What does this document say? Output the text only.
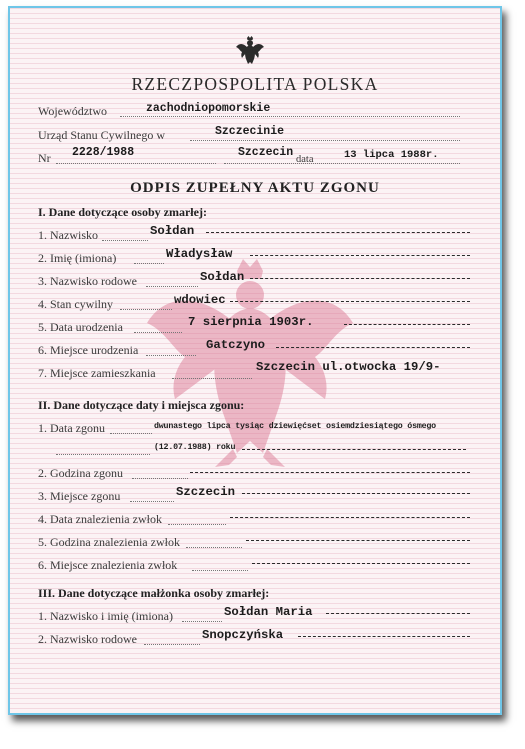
RZECZPOSPOLITA POLSKA
Województwo	zachodniopomorskie
Urząd Stanu Cywilnego w	Szczecinie
Nr 2228/1988	Szczecin
data	13 lipca 1988r.
ODPIS ZUPEŁNY AKTU ZGONU
I. Dane dotyczące osoby zmarłej:
1. Nazwisko	Sołdan
2. Imię (imiona)	Władysław
3. Nazwisko rodowe	Sołdan
4. Stan cywilny	wdowiec
5. Data urodzenia	7 sierpnia 1903r.
6. Miejsce urodzenia	Gatczyno
7. Miejsce zamieszkania	Szczecin ul.otwocka 19/9-
II. Dane dotyczące daty i miejsca zgonu:
1. Data zgonu	dwunastego lipca tysiąc dziewięćset osiemdziesiątego ósmego
(12.07.1988) roku
2. Godzina zgonu
3. Miejsce zgonu	Szczecin
4. Data znalezienia zwłok
5. Godzina znalezienia zwłok
6. Miejsce znalezienia zwłok
III. Dane dotyczące małżonka osoby zmarłej:
1. Nazwisko i imię (imiona)	Sołdan Maria
2. Nazwisko rodowe	Snopczyńska
